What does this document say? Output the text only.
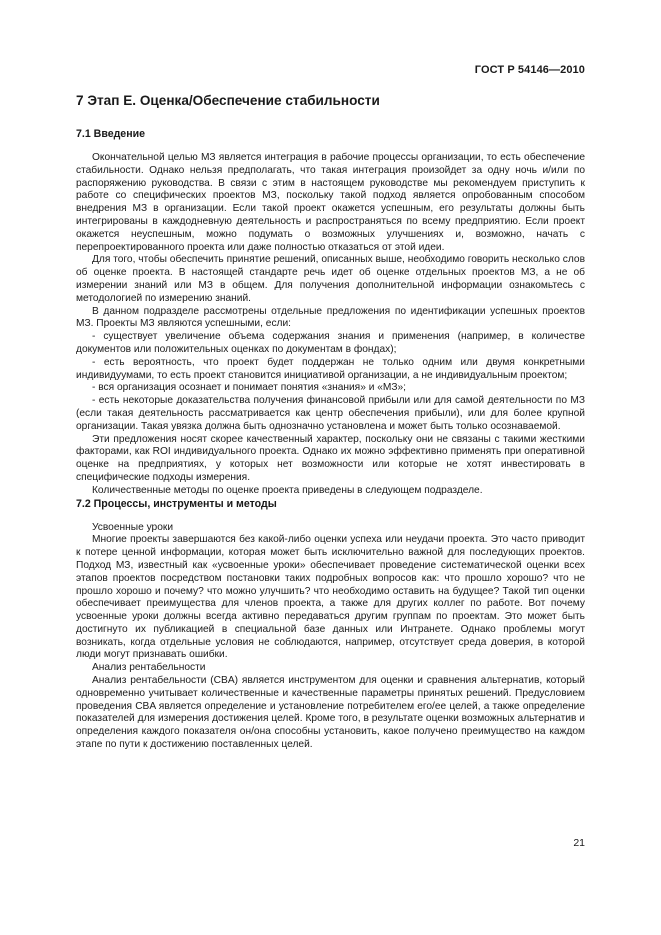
ГОСТ Р 54146—2010
7 Этап Е. Оценка/Обеспечение стабильности
7.1 Введение

Окончательной целью МЗ является интеграция в рабочие процессы организации, то есть обеспечение стабильности. Однако нельзя предполагать, что такая интеграция произойдет за одну ночь и/или по распоряжению руководства. В связи с этим в настоящем руководстве мы рекомендуем приступить к работе со специфических проектов МЗ, поскольку такой подход является опробованным способом внедрения МЗ в организации. Если такой проект окажется успешным, его результаты должны быть интегрированы в каждодневную деятельность и распространяться по всему предприятию. Если проект окажется неуспешным, можно подумать о возможных улучшениях и, возможно, начать с перепроектированного проекта или даже полностью отказаться от этой идеи.

Для того, чтобы обеспечить принятие решений, описанных выше, необходимо говорить несколько слов об оценке проекта. В настоящей стандарте речь идет об оценке отдельных проектов МЗ, а не об измерении знаний или МЗ в общем. Для получения дополнительной информации ознакомьтесь с методологией по измерению знаний.

В данном подразделе рассмотрены отдельные предложения по идентификации успешных проектов МЗ. Проекты МЗ являются успешными, если:

- существует увеличение объема содержания знания и применения (например, в количестве документов или положительных оценках по документам в фондах);

- есть вероятность, что проект будет поддержан не только одним или двумя конкретными индивидуумами, то есть проект становится инициативой организации, а не индивидуальным проектом;

- вся организация осознает и понимает понятия «знания» и «МЗ»;

- есть некоторые доказательства получения финансовой прибыли или для самой деятельности по МЗ (если такая деятельность рассматривается как центр обеспечения прибыли), или для более крупной организации. Такая увязка должна быть однозначно установлена и может быть только осознаваемой.

Эти предложения носят скорее качественный характер, поскольку они не связаны с такими жесткими факторами, как ROI индивидуального проекта. Однако их можно эффективно применять при оперативной оценке на предприятиях, у которых нет возможности или которые не хотят инвестировать в специфические подходы измерения.

Количественные методы по оценке проекта приведены в следующем подразделе.

7.2 Процессы, инструменты и методы

Усвоенные уроки

Многие проекты завершаются без какой-либо оценки успеха или неудачи проекта. Это часто приводит к потере ценной информации, которая может быть исключительно важной для последующих проектов. Подход МЗ, известный как «усвоенные уроки» обеспечивает проведение систематической оценки всех этапов проектов посредством постановки таких подробных вопросов как: что прошло хорошо? что не прошло хорошо и почему? что можно улучшить? что необходимо оставить на будущее? Такой тип оценки обеспечивает преимущества для членов проекта, а также для других коллег по работе. Вот почему усвоенные уроки должны всегда активно передаваться другим группам по проектам. Это может быть достигнуто их публикацией в специальной базе данных или Интранете. Однако проблемы могут возникать, когда отдельные условия не соблюдаются, например, отсутствует среда доверия, в которой люди могут признавать ошибки.

Анализ рентабельности

Анализ рентабельности (CBA) является инструментом для оценки и сравнения альтернатив, который одновременно учитывает количественные и качественные параметры принятых решений. Предусловием проведения CBA является определение и установление потребителем его/ее целей, а также определение показателей для измерения достижения целей. Кроме того, в результате оценки возможных альтернатив и определения каждого показателя он/она способны установить, какое получено преимущество на каждом этапе по пути к достижению поставленных целей.

21
